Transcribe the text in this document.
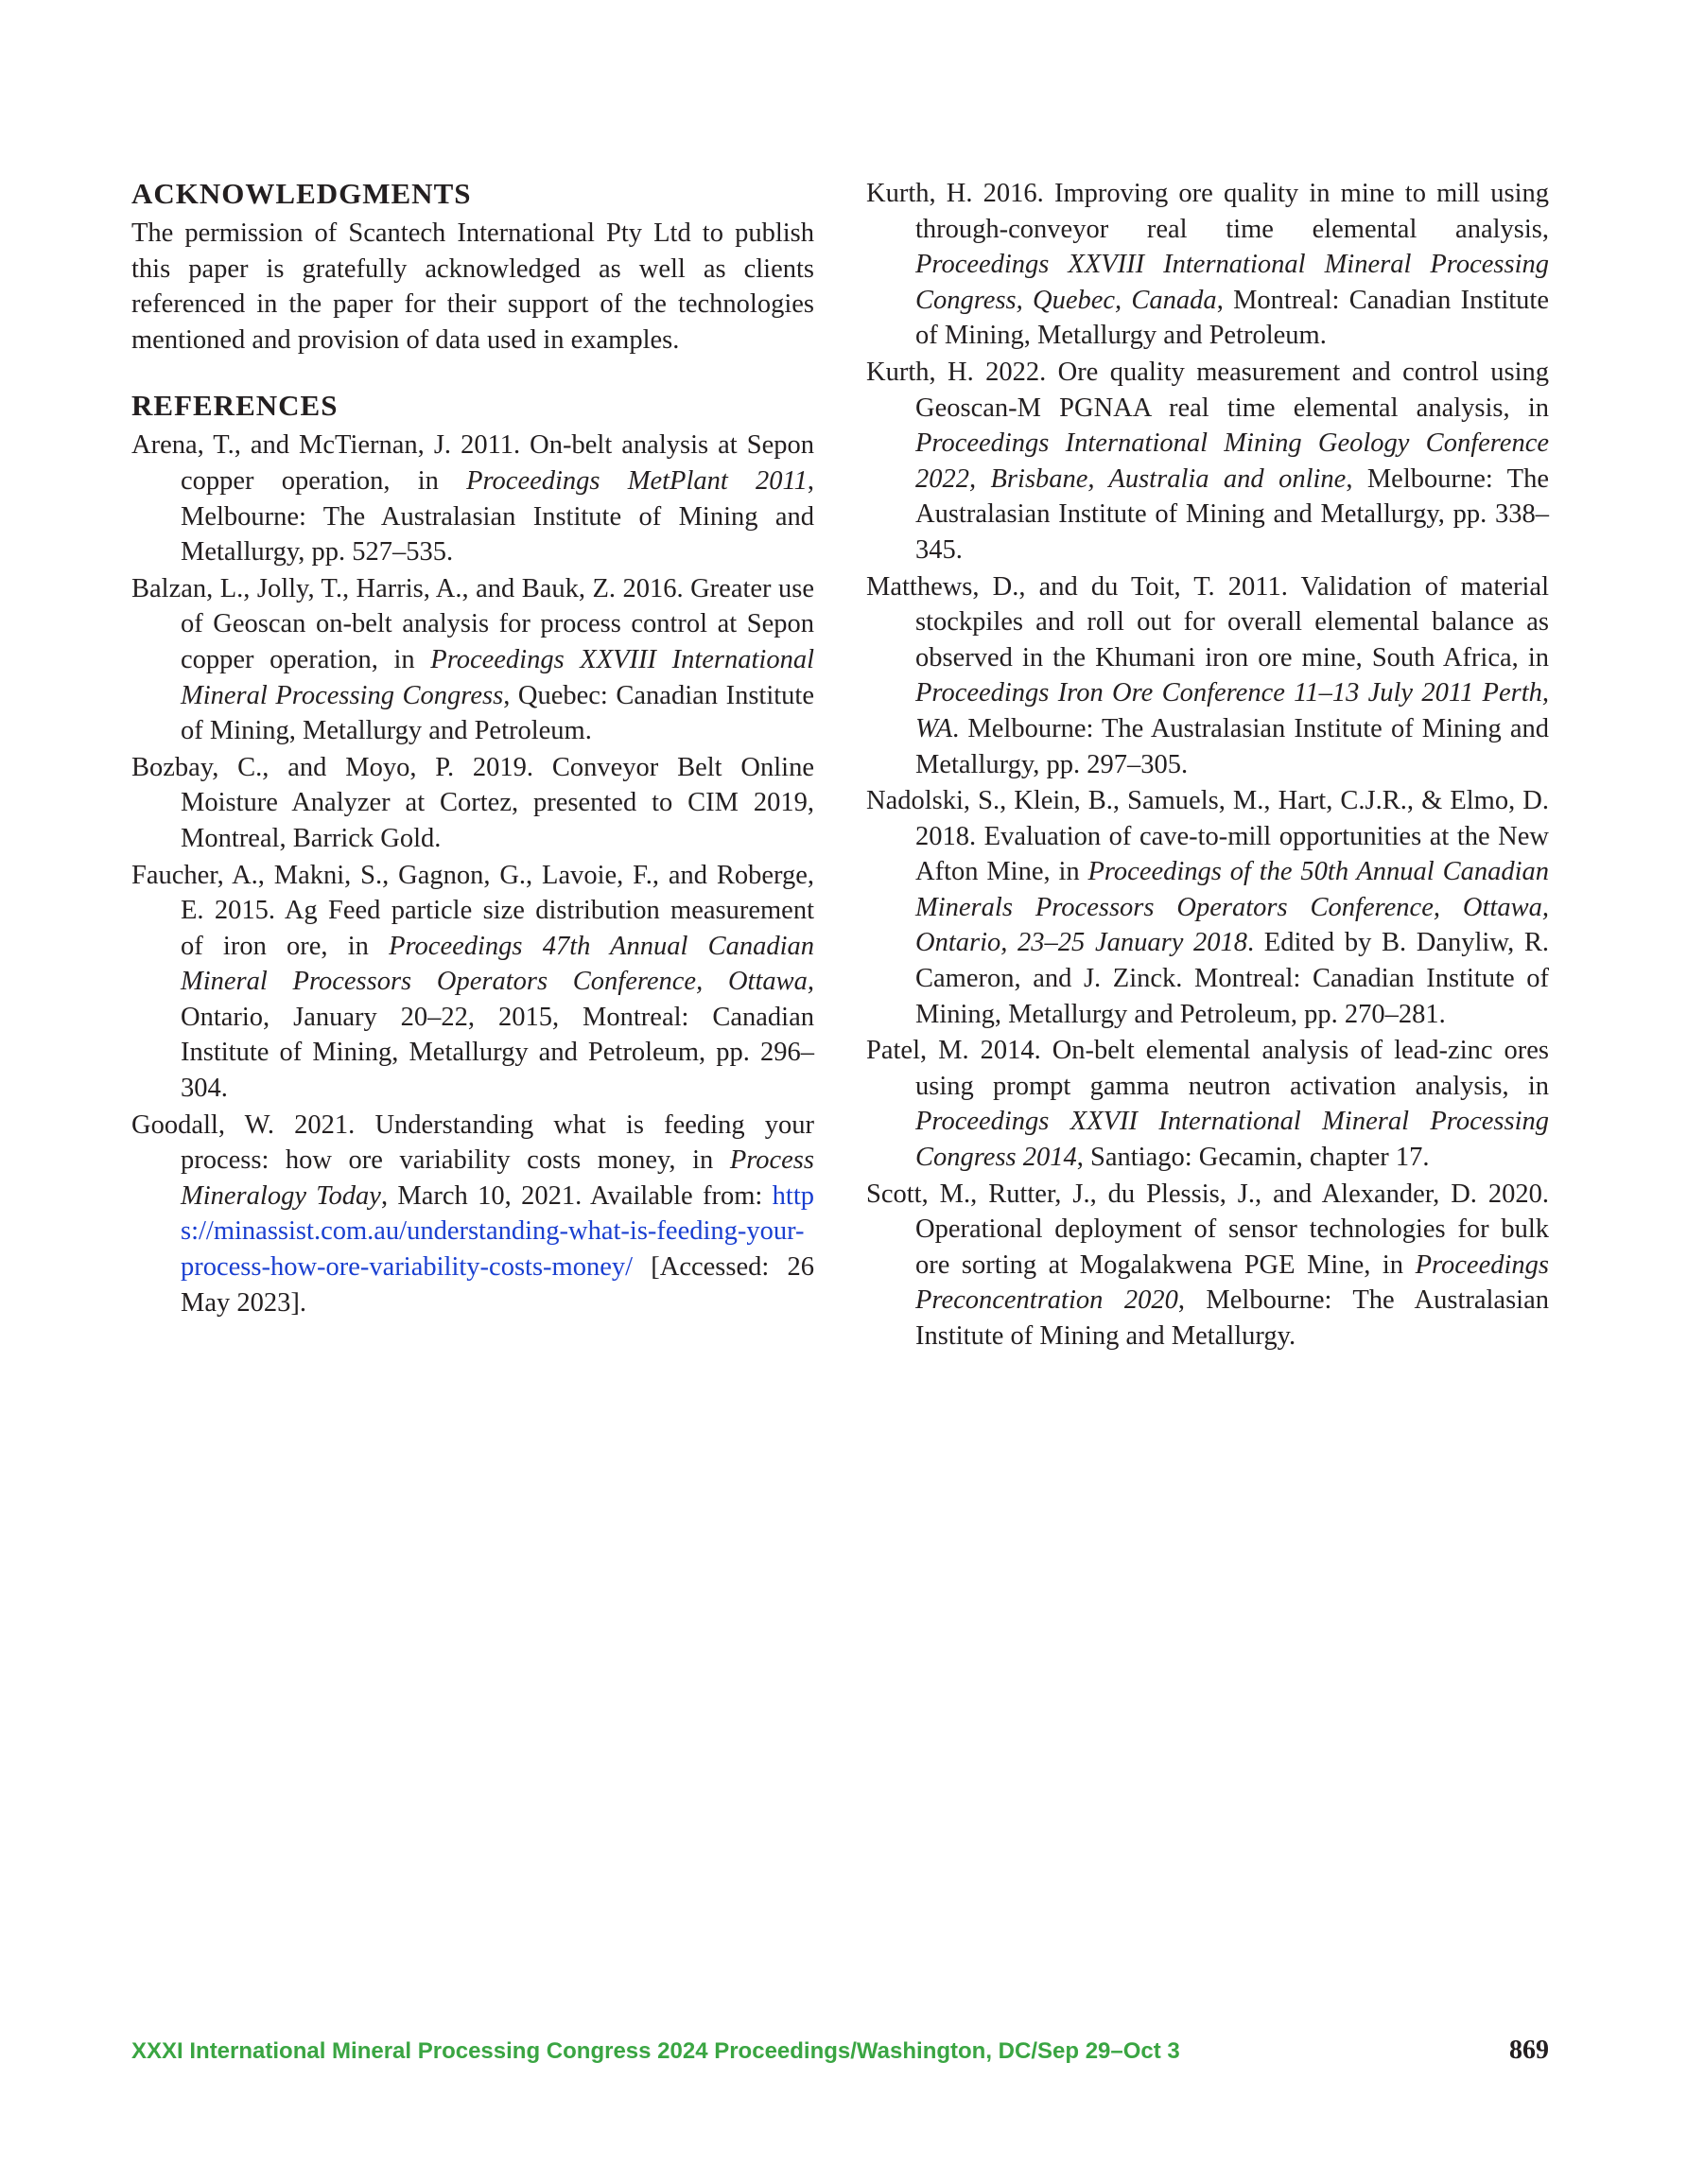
ACKNOWLEDGMENTS

The permission of Scantech International Pty Ltd to publish this paper is gratefully acknowledged as well as clients referenced in the paper for their support of the technologies mentioned and provision of data used in examples.

REFERENCES

Arena, T., and McTiernan, J. 2011. On-belt analysis at Sepon copper operation, in Proceedings MetPlant 2011, Melbourne: The Australasian Institute of Mining and Metallurgy, pp. 527–535.

Balzan, L., Jolly, T., Harris, A., and Bauk, Z. 2016. Greater use of Geoscan on-belt analysis for process control at Sepon copper operation, in Proceedings XXVIII International Mineral Processing Congress, Quebec: Canadian Institute of Mining, Metallurgy and Petroleum.

Bozbay, C., and Moyo, P. 2019. Conveyor Belt Online Moisture Analyzer at Cortez, presented to CIM 2019, Montreal, Barrick Gold.

Faucher, A., Makni, S., Gagnon, G., Lavoie, F., and Roberge, E. 2015. Ag Feed particle size distribution measurement of iron ore, in Proceedings 47th Annual Canadian Mineral Processors Operators Conference, Ottawa, Ontario, January 20–22, 2015, Montreal: Canadian Institute of Mining, Metallurgy and Petroleum, pp. 296–304.

Goodall, W. 2021. Understanding what is feeding your process: how ore variability costs money, in Process Mineralogy Today, March 10, 2021. Available from: https://minassist.com.au/understanding-what-is-feeding-your-process-how-ore-variability-costs-money/ [Accessed: 26 May 2023].

Kurth, H. 2016. Improving ore quality in mine to mill using through-conveyor real time elemental analysis, Proceedings XXVIII International Mineral Processing Congress, Quebec, Canada, Montreal: Canadian Institute of Mining, Metallurgy and Petroleum.

Kurth, H. 2022. Ore quality measurement and control using Geoscan-M PGNAA real time elemental analysis, in Proceedings International Mining Geology Conference 2022, Brisbane, Australia and online, Melbourne: The Australasian Institute of Mining and Metallurgy, pp. 338–345.

Matthews, D., and du Toit, T. 2011. Validation of material stockpiles and roll out for overall elemental balance as observed in the Khumani iron ore mine, South Africa, in Proceedings Iron Ore Conference 11–13 July 2011 Perth, WA. Melbourne: The Australasian Institute of Mining and Metallurgy, pp. 297–305.

Nadolski, S., Klein, B., Samuels, M., Hart, C.J.R., & Elmo, D. 2018. Evaluation of cave-to-mill opportunities at the New Afton Mine, in Proceedings of the 50th Annual Canadian Minerals Processors Operators Conference, Ottawa, Ontario, 23–25 January 2018. Edited by B. Danyliw, R. Cameron, and J. Zinck. Montreal: Canadian Institute of Mining, Metallurgy and Petroleum, pp. 270–281.

Patel, M. 2014. On-belt elemental analysis of lead-zinc ores using prompt gamma neutron activation analysis, in Proceedings XXVII International Mineral Processing Congress 2014, Santiago: Gecamin, chapter 17.

Scott, M., Rutter, J., du Plessis, J., and Alexander, D. 2020. Operational deployment of sensor technologies for bulk ore sorting at Mogalakwena PGE Mine, in Proceedings Preconcentration 2020, Melbourne: The Australasian Institute of Mining and Metallurgy.

XXXI International Mineral Processing Congress 2024 Proceedings/Washington, DC/Sep 29–Oct 3	869
